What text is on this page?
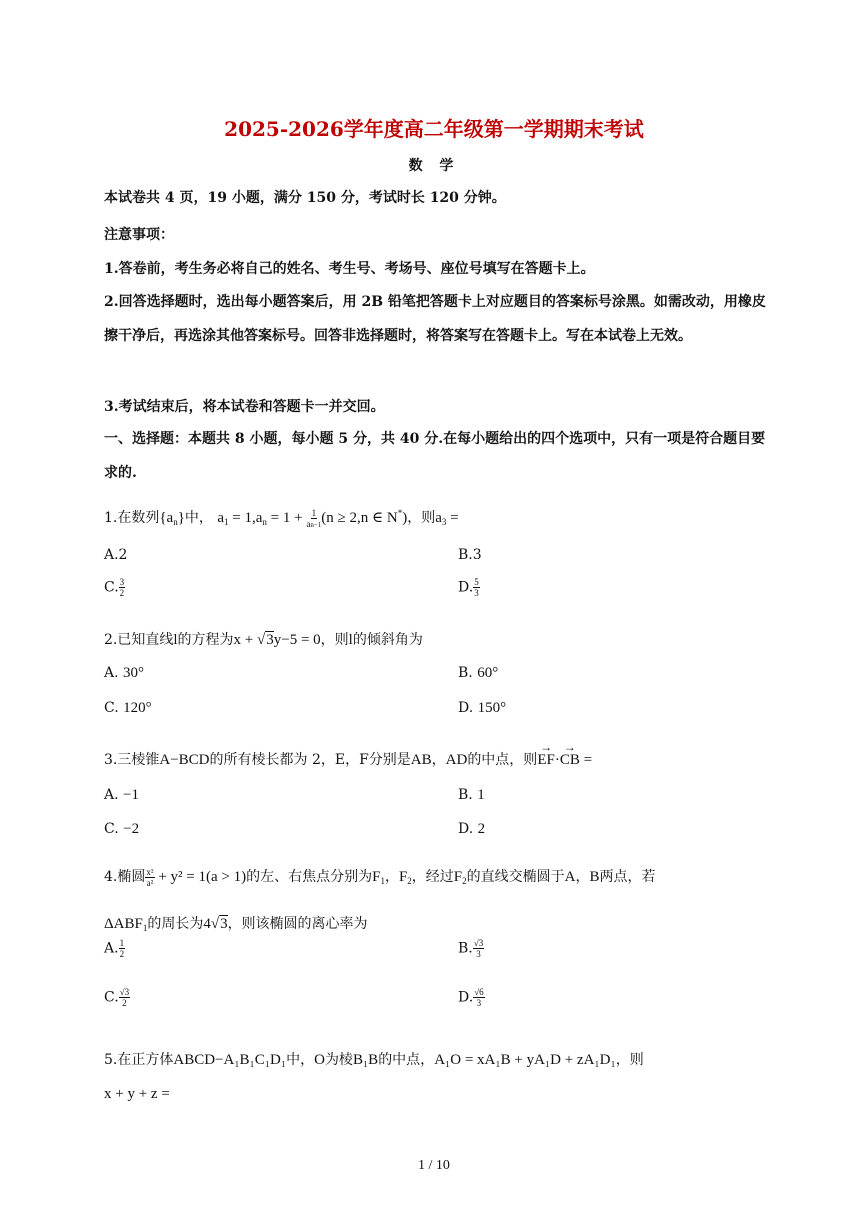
2025-2026学年度高二年级第一学期期末考试
数 学
本试卷共 4 页，19 小题，满分 150 分，考试时长 120 分钟。
注意事项：
1.答卷前，考生务必将自己的姓名、考生号、考场号、座位号填写在答题卡上。
2.回答选择题时，选出每小题答案后，用 2B 铅笔把答题卡上对应题目的答案标号涂黑。如需改动，用橡皮擦干净后，再选涂其他答案标号。回答非选择题时，将答案写在答题卡上。写在本试卷上无效。
3.考试结束后，将本试卷和答题卡一并交回。
一、选择题：本题共 8 小题，每小题 5 分，共 40 分.在每小题给出的四个选项中，只有一项是符合题目要求的.
1.在数列$\{a_n\}$中， $a_1 = 1,a_n = 1 + \frac{1}{an-1} (n \ge 2,n$ ∈ N*)，则$a_3$ =
A.2	B.3
C. $\frac{3}{2}$	D. $\frac{5}{3}$
2.已知直线l的方程为x + √3y−5 = 0，则l的倾斜角为
A. 30°	B. 60°
C. 120°	D. 150°
3.三棱锥A−BCD的所有棱长都为 2，E，F分别是AB，AD的中点，则→ EF·→ CB =
A. −1	B. 1
C. −2	D. 2
4.椭圆 $\frac{\text{x²}}{\text{a²}} + y^2 = 1(a > 1)$的左、右焦点分别为$F_1$，$F_2$，经过$F_2$的直线交椭圆于A，B两点，若
$\Delta ABF_1$的周长为4√3，则该椭圆的离心率为
A. $\frac{1}{2}$	B. $\frac{√3}{3}$
C. $\frac{√3}{2}$	D. $\frac{√6}{3}$
5.在正方体ABCD−A₁B₁C₁D₁中，O为棱B₁B的中点，A₁O = xA₁B + yA₁D + zA₁D₁，则
x + y + z =
1 / 10
